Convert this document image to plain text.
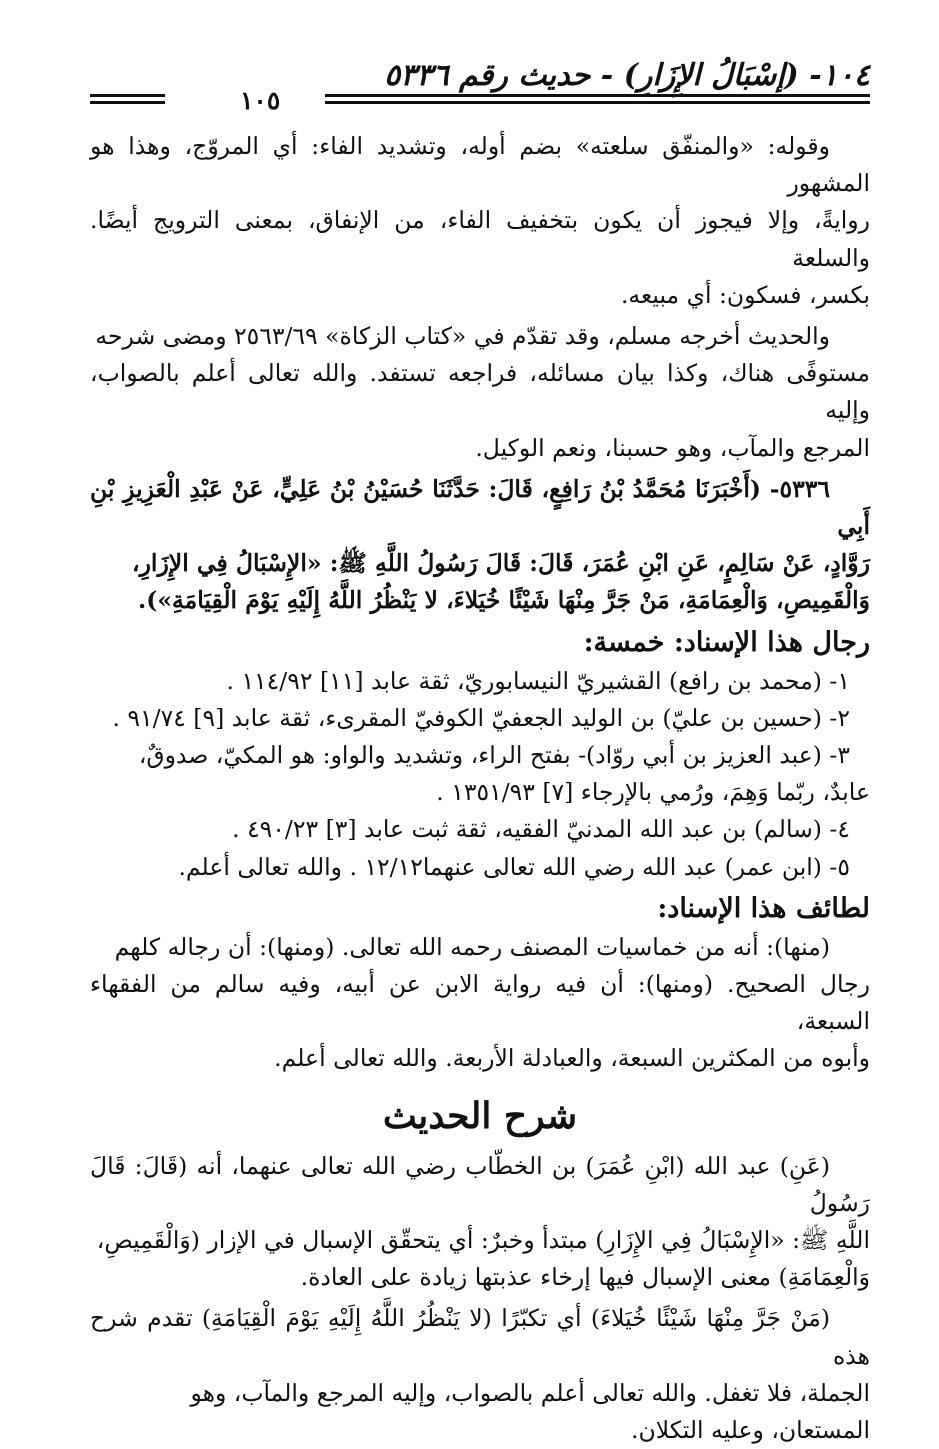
١٠٤- (إسْبَالُ الإِزَارِ) - حديث رقم ٥٣٣٦
١٠٥

وقوله: «والمنفّق سلعته» بضم أوله، وتشديد الفاء: أي المروّج، وهذا هو المشهور

روايةً، وإلا فيجوز أن يكون بتخفيف الفاء، من الإنفاق، بمعنى الترويج أيضًا. والسلعة

بكسر، فسكون: أي مبيعه.

والحديث أخرجه مسلم، وقد تقدّم في «كتاب الزكاة» ٢٥٦٣/٦٩ ومضى شرحه

مستوفًى هناك، وكذا بيان مسائله، فراجعه تستفد. والله تعالى أعلم بالصواب، وإليه

المرجع والمآب، وهو حسبنا، ونعم الوكيل.

٥٣٣٦- (أَخْبَرَنَا مُحَمَّدُ بْنُ رَافِعٍ، قَالَ: حَدَّثَنَا حُسَيْنُ بْنُ عَلِيٍّ، عَنْ عَبْدِ الْعَزِيزِ بْنِ أَبِي

رَوَّادٍ، عَنْ سَالِمٍ، عَنِ ابْنِ عُمَرَ، قَالَ: قَالَ رَسُولُ اللَّهِ ﷺ: «الإِسْبَالُ فِي الإِزَارِ،

وَالْقَمِيصِ، وَالْعِمَامَةِ، مَنْ جَرَّ مِنْهَا شَيْئًا خُيَلاءَ، لا يَنْظُرُ اللَّهُ إِلَيْهِ يَوْمَ الْقِيَامَةِ»).

رجال هذا الإسناد: خمسة:

١- (محمد بن رافع) القشيريّ النيسابوريّ، ثقة عابد [١١] ١١٤/٩٢ .

٢- (حسين بن عليّ) بن الوليد الجعفيّ الكوفيّ المقرىء، ثقة عابد [٩] ٩١/٧٤ .

٣- (عبد العزيز بن أبي روّاد)- بفتح الراء، وتشديد والواو: هو المكيّ، صدوقٌ،

عابدٌ، ربّما وَهِمَ، ورُمي بالإرجاء [٧] ١٣٥١/٩٣ .

٤- (سالم) بن عبد الله المدنيّ الفقيه، ثقة ثبت عابد [٣] ٤٩٠/٢٣ .

٥- (ابن عمر) عبد الله رضي الله تعالى عنهما١٢/١٢ . والله تعالى أعلم.

لطائف هذا الإسناد:

(منها): أنه من خماسيات المصنف رحمه الله تعالى. (ومنها): أن رجاله كلهم

رجال الصحيح. (ومنها): أن فيه رواية الابن عن أبيه، وفيه سالم من الفقهاء السبعة،

وأبوه من المكثرين السبعة، والعبادلة الأربعة. والله تعالى أعلم.

شرح الحديث

(عَنِ) عبد الله (ابْنِ عُمَرَ) بن الخطّاب رضي الله تعالى عنهما، أنه (قَالَ: قَالَ رَسُولُ

اللَّهِ ﷺ: «الإِسْبَالُ فِي الإِزَارِ) مبتدأ وخبرٌ: أي يتحقّق الإسبال في الإزار (وَالْقَمِيصِ،

وَالْعِمَامَةِ) معنى الإسبال فيها إرخاء عذبتها زيادة على العادة.

(مَنْ جَرَّ مِنْهَا شَيْئًا خُيَلاءَ) أي تكبّرًا (لا يَنْظُرُ اللَّهُ إِلَيْهِ يَوْمَ الْقِيَامَةِ) تقدم شرح هذه

الجملة، فلا تغفل. والله تعالى أعلم بالصواب، وإليه المرجع والمآب، وهو

المستعان، وعليه التكلان.
